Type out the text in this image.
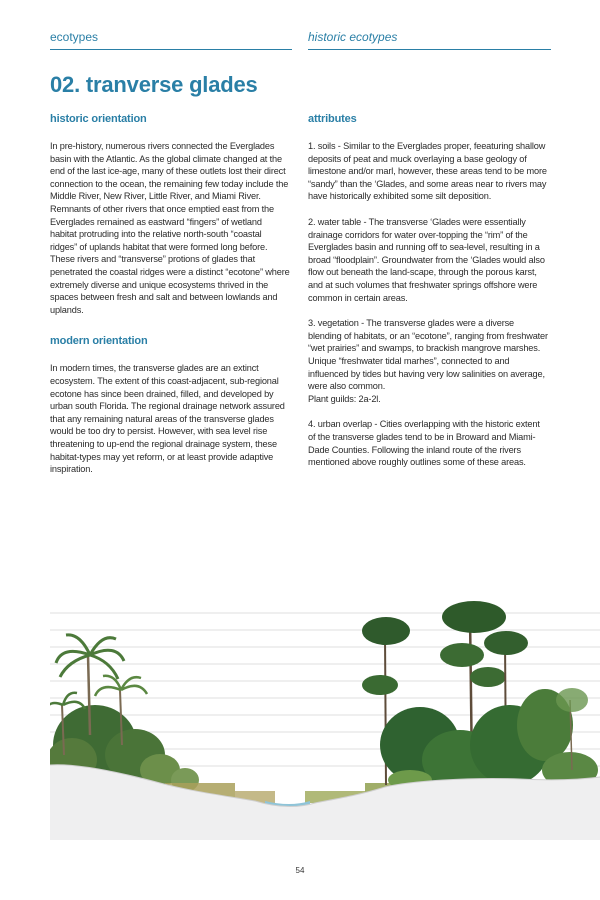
ecotypes	historic ecotypes
02. tranverse glades
historic orientation
In pre-history, numerous rivers connected the Everglades basin with the Atlantic. As the global climate changed at the end of the last ice-age, many of these outlets lost their direct connection to the ocean, the remaining few today include the Middle River, New River, Little River, and Miami River. Remnants of other rivers that once emptied east from the Everglades remained as eastward “fingers” of wetland habitat protruding into the relative north-south “coastal ridges” of uplands habitat that were formed long before. These rivers and “transverse” protions of glades that penetrated the coastal ridges were a distinct “ecotone” where extremely diverse and unique ecosystems thrived in the spaces between fresh and salt and between lowlands and uplands.
modern orientation
In modern times, the transverse glades are an extinct ecosystem. The extent of this coast-adjacent, sub-regional ecotone has since been drained, filled, and developed by urban south Florida. The regional drainage network assured that any remaining natural areas of the transverse glades would be too dry to persist. However, with sea level rise threatening to up-end the regional drainage system, these habitat-types may yet reform, or at least provide adaptive inspiration.
attributes
1. soils - Similar to the Everglades proper, feeaturing shallow deposits of peat and muck overlaying a base geology of limestone and/or marl, however, these areas tend to be more “sandy” than the ‘Glades, and some areas near to rivers may have historically exhibited some silt deposition.
2. water table - The transverse ‘Glades were essentially drainage corridors for water over-topping the “rim” of the Everglades basin and running off to sea-level, resulting in a broad “floodplain”. Groundwater from the ‘Glades would also flow out beneath the land-scape, through the porous karst, and at such volumes that freshwater springs offshore were common in certain areas.
3. vegetation - The transverse glades were a diverse blending of habitats, or an “ecotone”, ranging from freshwater “wet prairies” and swamps, to brackish mangrove marshes. Unique “freshwater tidal marhes”, connected to and influenced by tides but having very low salinities on average, were also common.
Plant guilds: 2a-2l.
4. urban overlap - Cities overlapping with the historic extent of the transverse glades tend to be in Broward and Miami-Dade Counties. Following the inland route of the rivers mentioned above roughly outlines some of these areas.
54
